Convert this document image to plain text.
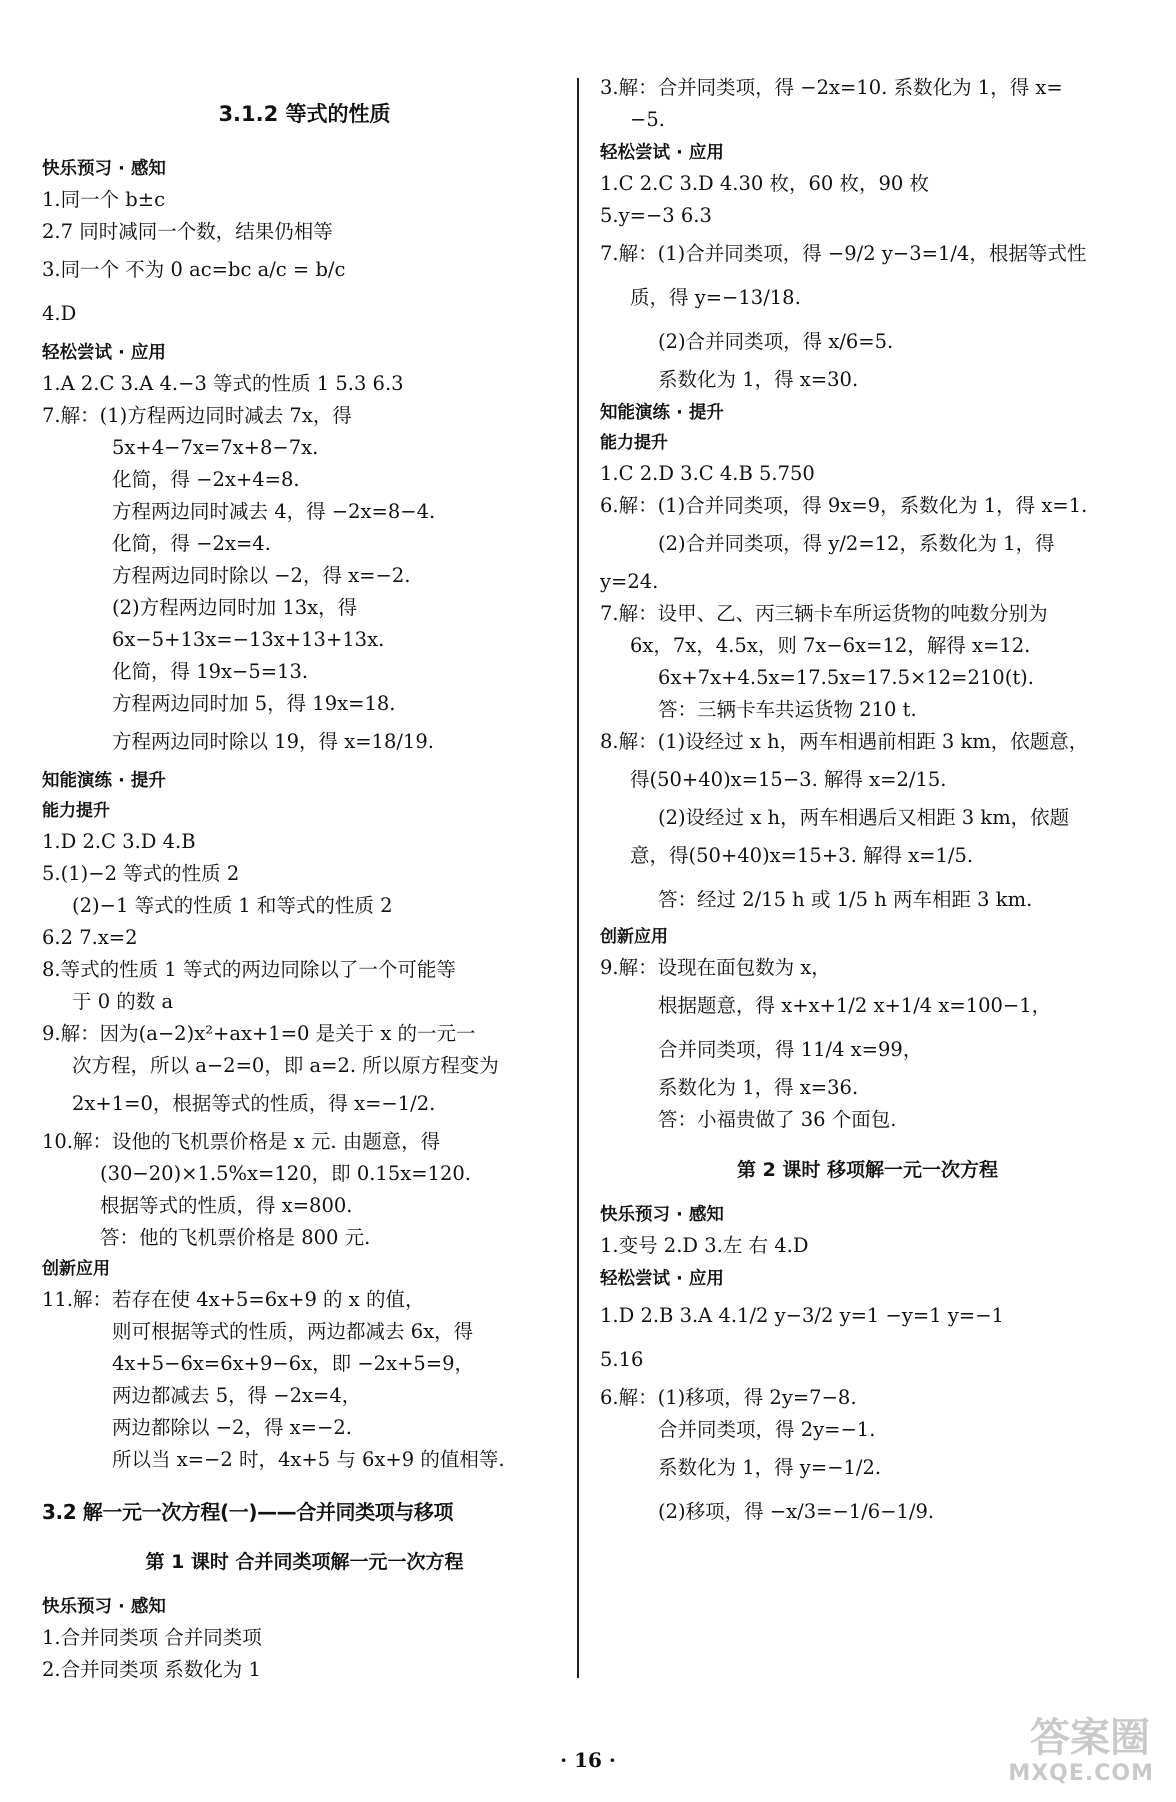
3.1.2 等式的性质
快乐预习 · 感知
1.同一个 b±c
2.7 同时减同一个数，结果仍相等
3.同一个 不为 0 ac=bc a/c = b/c
4.D
轻松尝试 · 应用
1.A 2.C 3.A 4.−3 等式的性质 1 5.3 6.3
7.解：(1)方程两边同时减去 7x，得
5x+4−7x=7x+8−7x.
化简，得 −2x+4=8.
方程两边同时减去 4，得 −2x=8−4.
化简，得 −2x=4.
方程两边同时除以 −2，得 x=−2.
(2)方程两边同时加 13x，得
6x−5+13x=−13x+13+13x.
化简，得 19x−5=13.
方程两边同时加 5，得 19x=18.
方程两边同时除以 19，得 x=18/19.
知能演练 · 提升
能力提升
1.D 2.C 3.D 4.B
5.(1)−2 等式的性质 2
(2)−1 等式的性质 1 和等式的性质 2
6.2 7.x=2
8.等式的性质 1 等式的两边同除以了一个可能等
于 0 的数 a
9.解：因为(a−2)x²+ax+1=0 是关于 x 的一元一
次方程，所以 a−2=0，即 a=2. 所以原方程变为
2x+1=0，根据等式的性质，得 x=−1/2.
10.解：设他的飞机票价格是 x 元. 由题意，得
(30−20)×1.5%x=120，即 0.15x=120.
根据等式的性质，得 x=800.
答：他的飞机票价格是 800 元.
创新应用
11.解：若存在使 4x+5=6x+9 的 x 的值，
则可根据等式的性质，两边都减去 6x，得
4x+5−6x=6x+9−6x，即 −2x+5=9，
两边都减去 5，得 −2x=4，
两边都除以 −2，得 x=−2.
所以当 x=−2 时，4x+5 与 6x+9 的值相等.
3.2 解一元一次方程(一)——合并同类项与移项
第 1 课时 合并同类项解一元一次方程
快乐预习 · 感知
1.合并同类项 合并同类项
2.合并同类项 系数化为 1
3.解：合并同类项，得 −2x=10. 系数化为 1，得 x=
−5.
轻松尝试 · 应用
1.C 2.C 3.D 4.30 枚，60 枚，90 枚
5.y=−3 6.3
7.解：(1)合并同类项，得 −9/2 y−3=1/4，根据等式性
质，得 y=−13/18.
(2)合并同类项，得 x/6=5.
系数化为 1，得 x=30.
知能演练 · 提升
能力提升
1.C 2.D 3.C 4.B 5.750
6.解：(1)合并同类项，得 9x=9，系数化为 1，得 x=1.
(2)合并同类项，得 y/2=12，系数化为 1，得
y=24.
7.解：设甲、乙、丙三辆卡车所运货物的吨数分别为
6x，7x，4.5x，则 7x−6x=12，解得 x=12.
6x+7x+4.5x=17.5x=17.5×12=210(t).
答：三辆卡车共运货物 210 t.
8.解：(1)设经过 x h，两车相遇前相距 3 km，依题意，
得(50+40)x=15−3. 解得 x=2/15.
(2)设经过 x h，两车相遇后又相距 3 km，依题
意，得(50+40)x=15+3. 解得 x=1/5.
答：经过 2/15 h 或 1/5 h 两车相距 3 km.
创新应用
9.解：设现在面包数为 x，
根据题意，得 x+x+1/2 x+1/4 x=100−1，
合并同类项，得 11/4 x=99，
系数化为 1，得 x=36.
答：小福贵做了 36 个面包.
第 2 课时 移项解一元一次方程
快乐预习 · 感知
1.变号 2.D 3.左 右 4.D
轻松尝试 · 应用
1.D 2.B 3.A 4.1/2 y−3/2 y=1 −y=1 y=−1
5.16
6.解：(1)移项，得 2y=7−8.
合并同类项，得 2y=−1.
系数化为 1，得 y=−1/2.
(2)移项，得 −x/3=−1/6−1/9.
· 16 ·	答案圈
MXQE.COM
